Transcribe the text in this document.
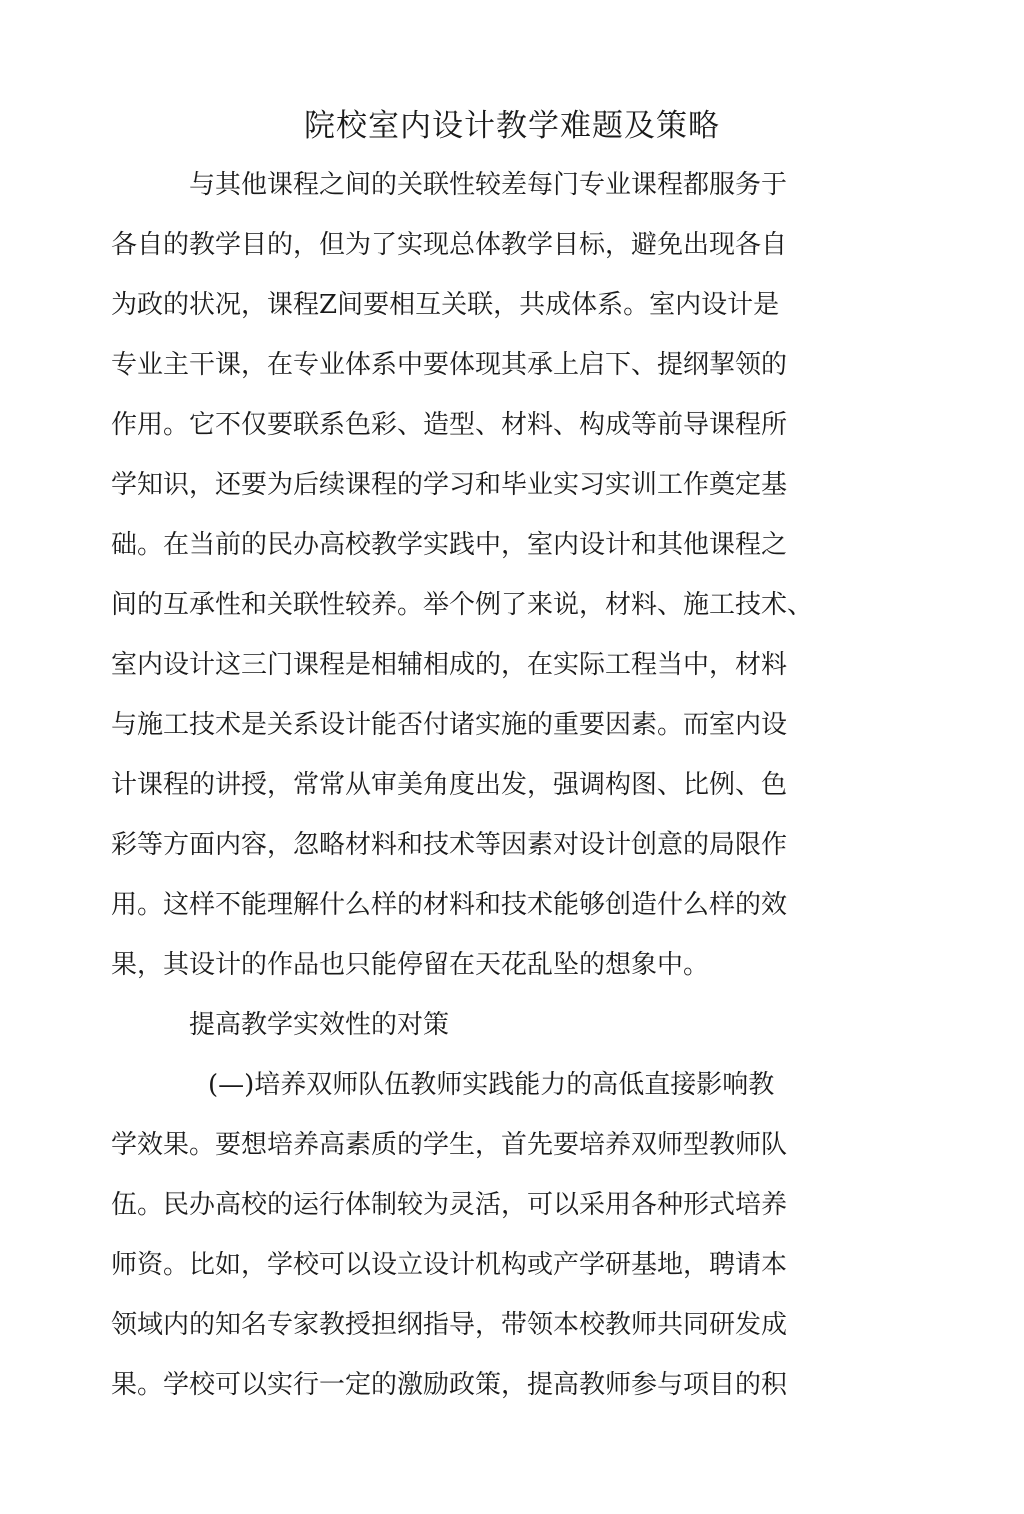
院校室内设计教学难题及策略

与其他课程之间的关联性较差每门专业课程都服务于

各自的教学目的，但为了实现总体教学目标，避免出现各自

为政的状况，课程Z间要相互关联，共成体系。室内设计是

专业主干课，在专业体系中要体现其承上启下、提纲挈领的

作用。它不仅要联系色彩、造型、材料、构成等前导课程所

学知识，还要为后续课程的学习和毕业实习实训工作奠定基

础。在当前的民办高校教学实践中，室内设计和其他课程之

间的互承性和关联性较养。举个例了来说，材料、施工技术、

室内设计这三门课程是相辅相成的，在实际工程当中，材料

与施工技术是关系设计能否付诸实施的重要因素。而室内设

计课程的讲授，常常从审美角度出发，强调构图、比例、色

彩等方面内容，忽略材料和技术等因素对设计创意的局限作

用。这样不能理解什么样的材料和技术能够创造什么样的效

果，其设计的作品也只能停留在天花乱坠的想象中。

提高教学实效性的对策

(—)培养双师队伍教师实践能力的高低直接影响教

学效果。要想培养高素质的学生，首先要培养双师型教师队

伍。民办高校的运行体制较为灵活，可以采用各种形式培养

师资。比如，学校可以设立设计机构或产学研基地，聘请本

领域内的知名专家教授担纲指导，带领本校教师共同研发成

果。学校可以实行一定的激励政策，提高教师参与项目的积
